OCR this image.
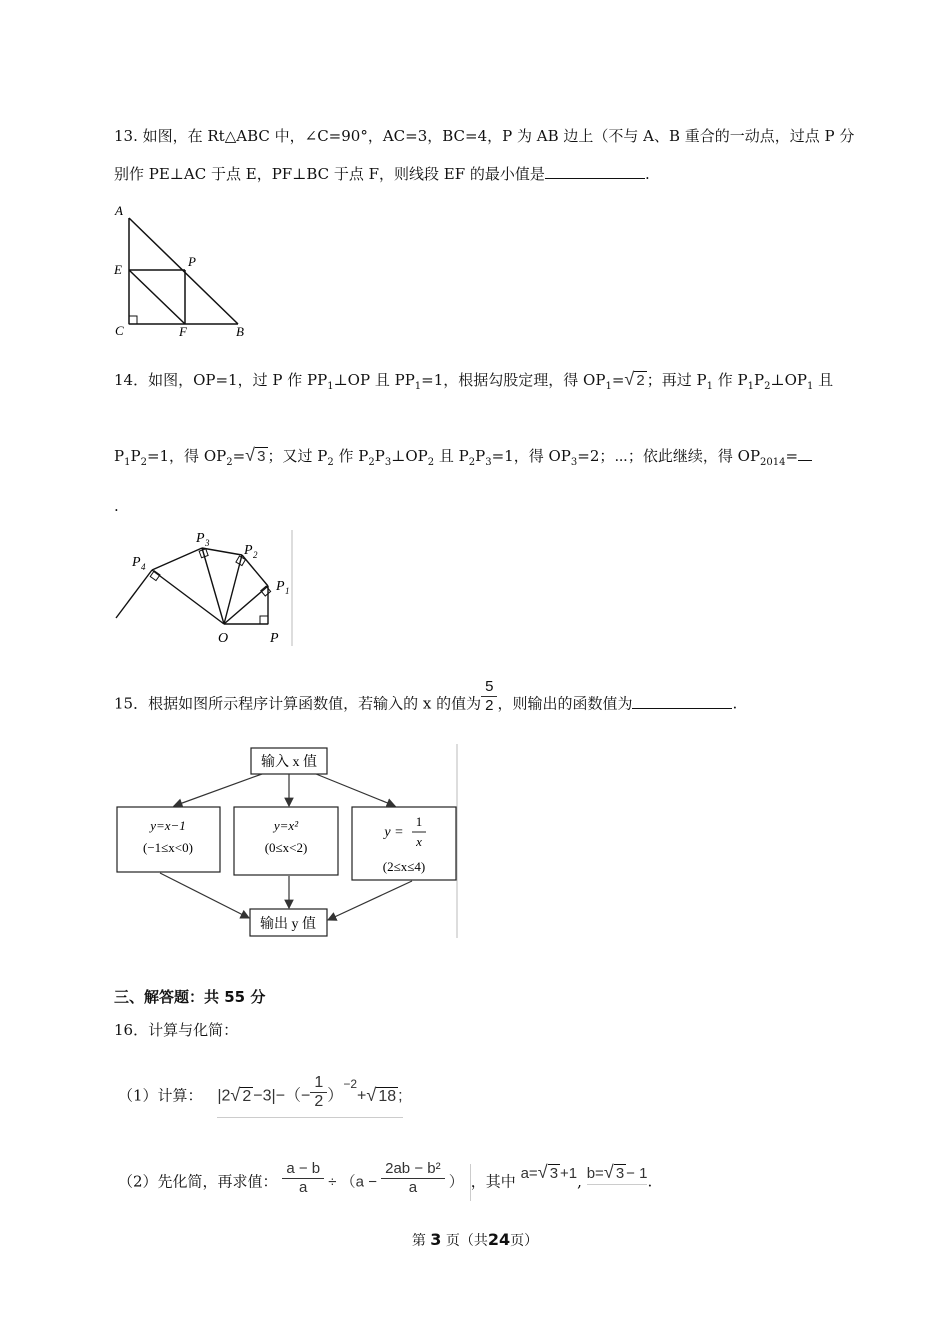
13. 如图，在 Rt△ABC 中，∠C=90°，AC=3，BC=4，P 为 AB 边上（不与 A、B 重合的一动点，过点 P 分
别作 PE⊥AC 于点 E，PF⊥BC 于点 F，则线段 EF 的最小值是	.
A
E
P
C	F	B
14．如图，OP=1，过 P 作 $PP_1\perp OP$ 且 $PP_1=1$，根据勾股定理，得 $OP_1=√$ 2 ；再过 $P_1$ 作 $P_1P_2\perp OP_1$ 且
$P_1P_2=1$，得 $OP_2=√$ 3 ；又过 $P_2$ 作 $P_2P_3\perp OP_2$ 且 $P_2P_3=1$，得 $OP_3=2$；⋯；依此继续，得 $OP_{2014}=$
.
P 4
P 3 P 2
P 1
O	P
15．根据如图所示程序计算函数值，若输入的 x 的值为 $\frac{5}{2}$ ，则输出的函数值为	.
输入 x 值
y=x−1
(−1≤x<0)
y=x²
(0≤x<2)
y =
1
x
(2≤x≤4)
输出 y 值
三、解答题：共 55 分
16．计算与化简：
（1）计算： |2√ $2 -3|-(- \frac{1}{2} )^{-2}+√$ 18 ;
（2）先化简，再求值： $\frac{a - b}{a} \div (a - \frac{\text{2ab − b²}}{a}$ ） ，其中 a=√ 3 +1, b=√ 3 − 1.
第 3 页（共24页）
